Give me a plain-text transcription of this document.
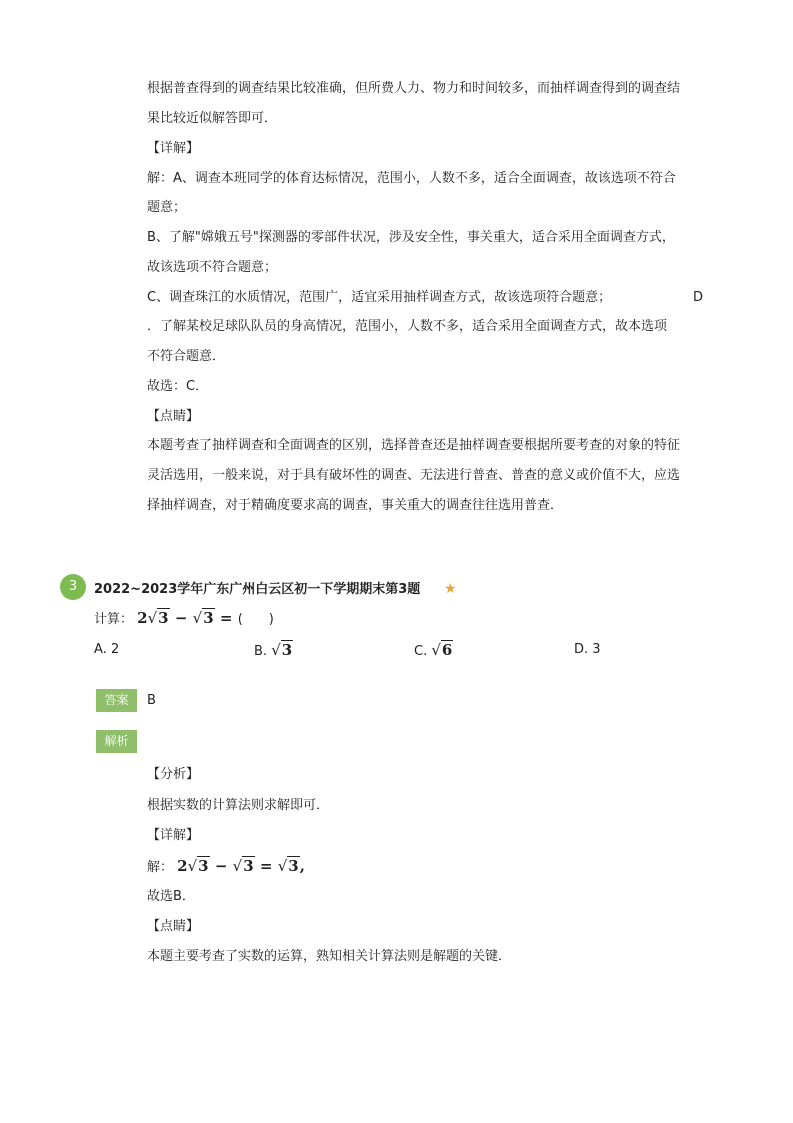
根据普查得到的调查结果比较准确，但所费人力、物力和时间较多，而抽样调查得到的调查结
果比较近似解答即可．
【详解】
解：A、调查本班同学的体育达标情况，范围小，人数不多，适合全面调查，故该选项不符合
题意；
B、了解"嫦娥五号"探测器的零部件状况，涉及安全性，事关重大，适合采用全面调查方式，
故该选项不符合题意；
C、调查珠江的水质情况，范围广，适宜采用抽样调查方式，故该选项符合题意；	D
．了解某校足球队队员的身高情况，范围小，人数不多，适合采用全面调查方式，故本选项
不符合题意．
故选：C．
【点睛】
本题考查了抽样调查和全面调查的区别，选择普查还是抽样调查要根据所要考查的对象的特征
灵活选用，一般来说，对于具有破坏性的调查、无法进行普查、普查的意义或价值不大，应选
择抽样调查，对于精确度要求高的调查，事关重大的调查往往选用普查．
3	2022~2023学年广东广州白云区初一下学期期末第3题 ★
计算： 2√3 − √3 = (　　)
A. 2	B. √3	C. √6	D. 3
答案	B
解析
【分析】
根据实数的计算法则求解即可．
【详解】
解： 2√3 − √3 = √3,
故选B．
【点睛】
本题主要考查了实数的运算，熟知相关计算法则是解题的关键．
